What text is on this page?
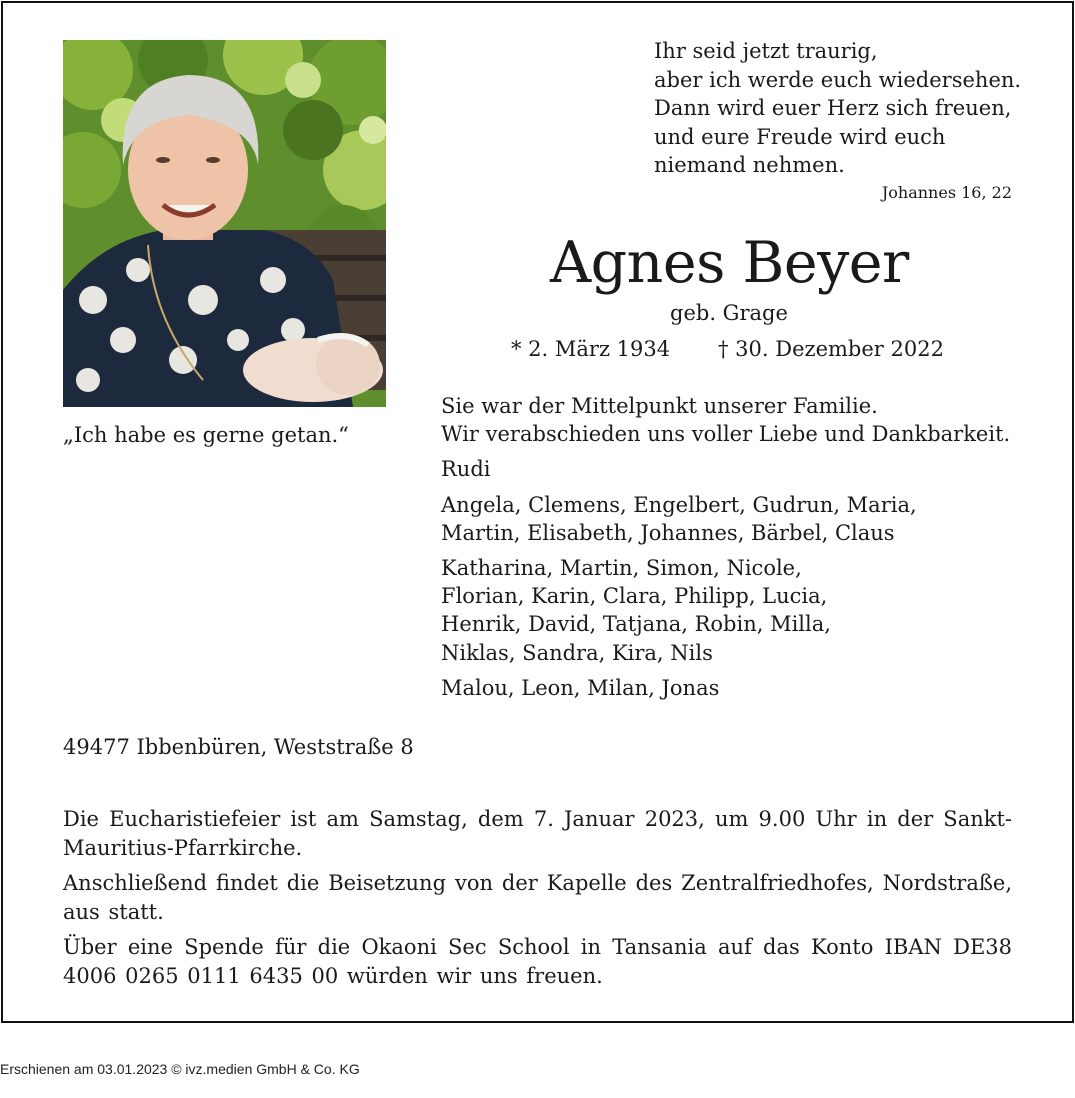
„Ich habe es gerne getan.“
Ihr seid jetzt traurig,
aber ich werde euch wiedersehen.
Dann wird euer Herz sich freuen,
und eure Freude wird euch
niemand nehmen.
Johannes 16, 22
Agnes Beyer
geb. Grage
* 2. März 1934 † 30. Dezember 2022
Sie war der Mittelpunkt unserer Familie.
Wir verabschieden uns voller Liebe und Dankbarkeit.
Rudi
Angela, Clemens, Engelbert, Gudrun, Maria,
Martin, Elisabeth, Johannes, Bärbel, Claus
Katharina, Martin, Simon, Nicole,
Florian, Karin, Clara, Philipp, Lucia,
Henrik, David, Tatjana, Robin, Milla,
Niklas, Sandra, Kira, Nils
Malou, Leon, Milan, Jonas
49477 Ibbenbüren, Weststraße 8

Die Eucharistiefeier ist am Samstag, dem 7. Januar 2023, um 9.00 Uhr in der Sankt-Mauritius-Pfarrkirche.

Anschließend findet die Beisetzung von der Kapelle des Zentralfriedhofes, Nordstraße, aus statt.

Über eine Spende für die Okaoni Sec School in Tansania auf das Konto IBAN DE38 4006 0265 0111 6435 00 würden wir uns freuen.

Erschienen am 03.01.2023 © ivz.medien GmbH & Co. KG
